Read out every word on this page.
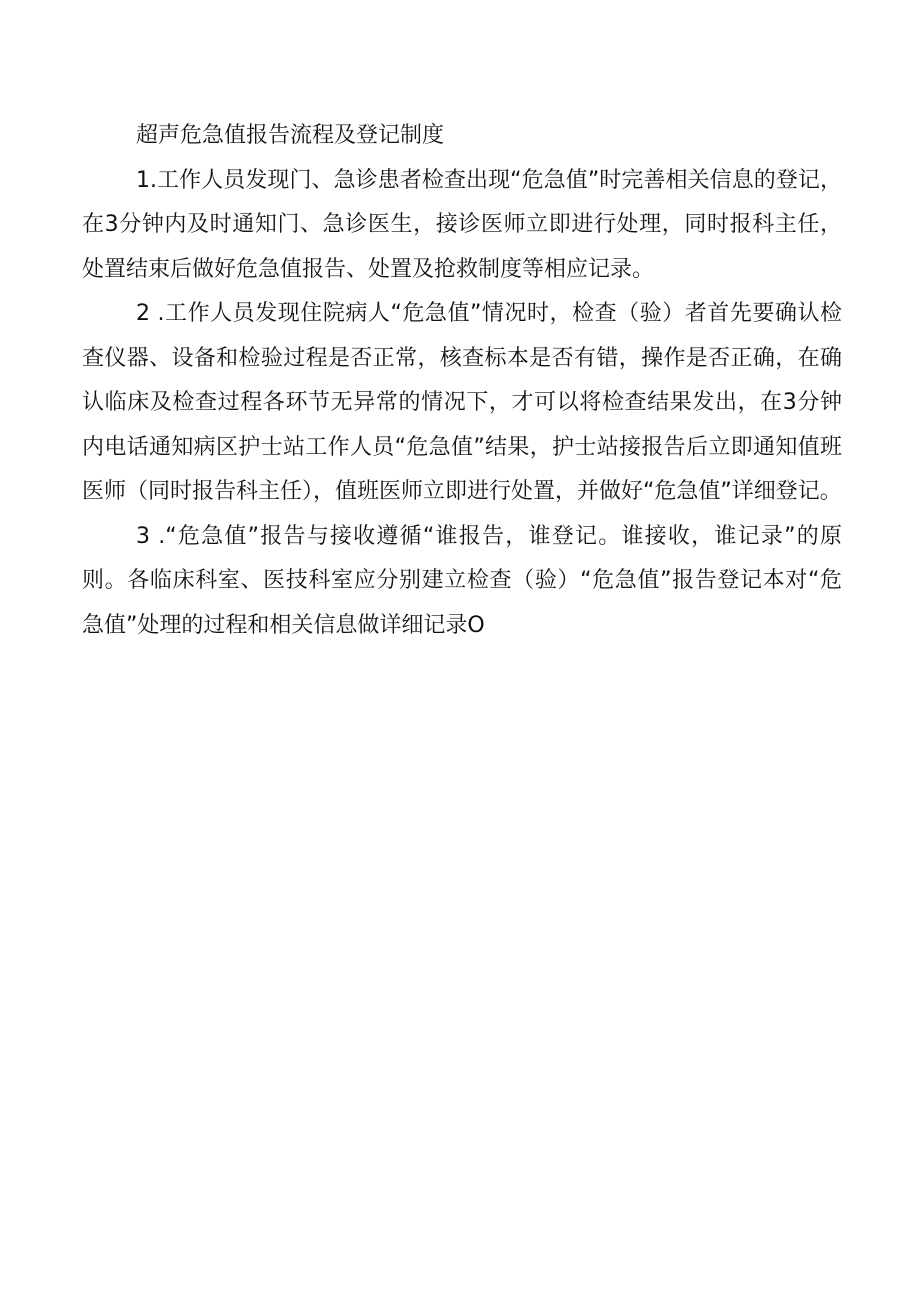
超声危急值报告流程及登记制度

1.工作人员发现门、急诊患者检查出现“危急值”时完善相关信息的登记，在3分钟内及时通知门、急诊医生，接诊医师立即进行处理，同时报科主任，处置结束后做好危急值报告、处置及抢救制度等相应记录。

2 .工作人员发现住院病人“危急值”情况时，检查（验）者首先要确认检查仪器、设备和检验过程是否正常，核查标本是否有错，操作是否正确，在确认临床及检查过程各环节无异常的情况下，才可以将检查结果发出，在3分钟内电话通知病区护士站工作人员“危急值”结果，护士站接报告后立即通知值班医师（同时报告科主任），值班医师立即进行处置，并做好“危急值”详细登记。

3 .“危急值”报告与接收遵循“谁报告，谁登记。谁接收，谁记录”的原则。各临床科室、医技科室应分别建立检查（验）“危急值”报告登记本对“危急值”处理的过程和相关信息做详细记录O
